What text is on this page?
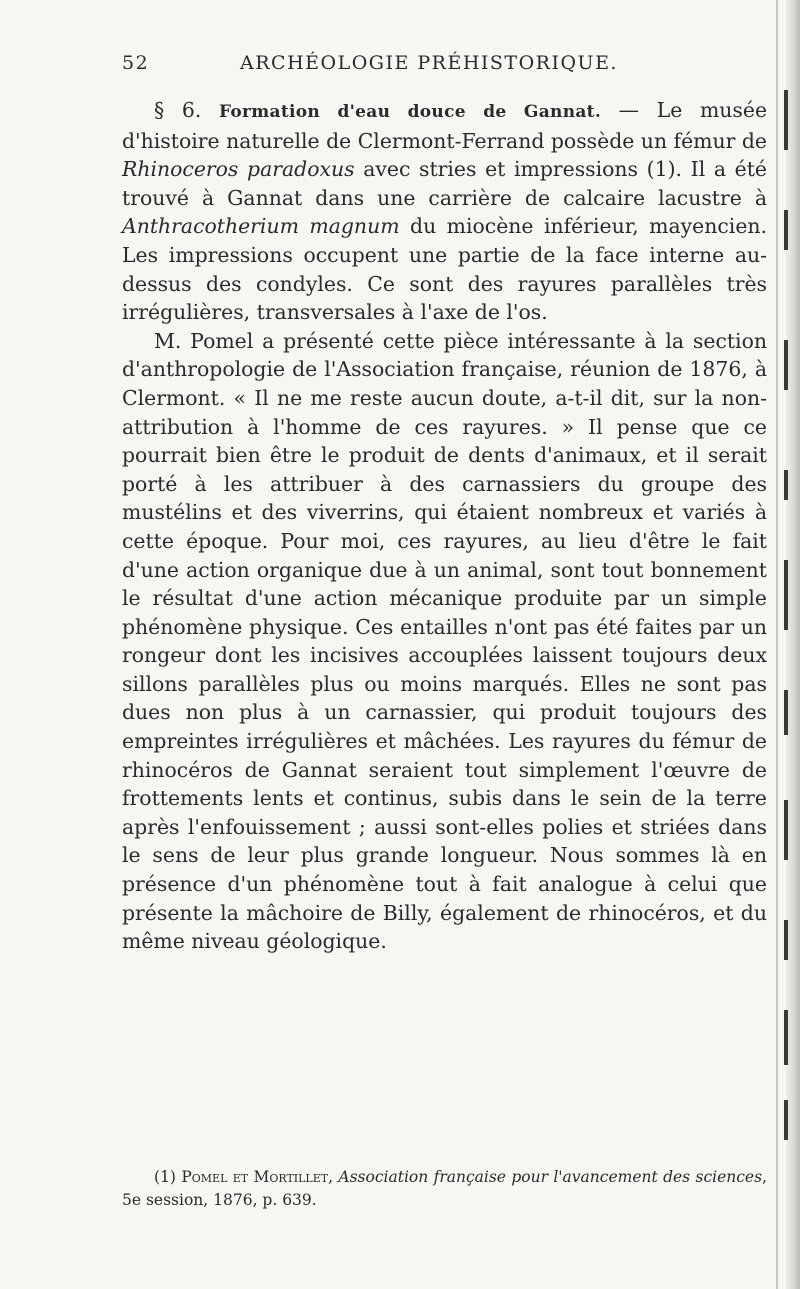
52	ARCHÉOLOGIE PRÉHISTORIQUE.

§ 6. Formation d'eau douce de Gannat. — Le musée d'histoire naturelle de Clermont-Ferrand possède un fémur de Rhinoceros paradoxus avec stries et impressions (1). Il a été trouvé à Gannat dans une carrière de calcaire lacustre à Anthracotherium magnum du miocène inférieur, mayencien. Les impressions occupent une partie de la face interne au-dessus des condyles. Ce sont des rayures parallèles très irrégulières, transversales à l'axe de l'os.

M. Pomel a présenté cette pièce intéressante à la section d'anthropologie de l'Association française, réunion de 1876, à Clermont. « Il ne me reste aucun doute, a-t-il dit, sur la non-attribution à l'homme de ces rayures. » Il pense que ce pourrait bien être le produit de dents d'animaux, et il serait porté à les attribuer à des carnassiers du groupe des mustélins et des viverrins, qui étaient nombreux et variés à cette époque. Pour moi, ces rayures, au lieu d'être le fait d'une action organique due à un animal, sont tout bonnement le résultat d'une action mécanique produite par un simple phénomène physique. Ces entailles n'ont pas été faites par un rongeur dont les incisives accouplées laissent toujours deux sillons parallèles plus ou moins marqués. Elles ne sont pas dues non plus à un carnassier, qui produit toujours des empreintes irrégulières et mâchées. Les rayures du fémur de rhinocéros de Gannat seraient tout simplement l'œuvre de frottements lents et continus, subis dans le sein de la terre après l'enfouissement ; aussi sont-elles polies et striées dans le sens de leur plus grande longueur. Nous sommes là en présence d'un phénomène tout à fait analogue à celui que présente la mâchoire de Billy, également de rhinocéros, et du même niveau géologique.

(1) Pomel et Mortillet, Association française pour l'avancement des sciences, 5e session, 1876, p. 639.
